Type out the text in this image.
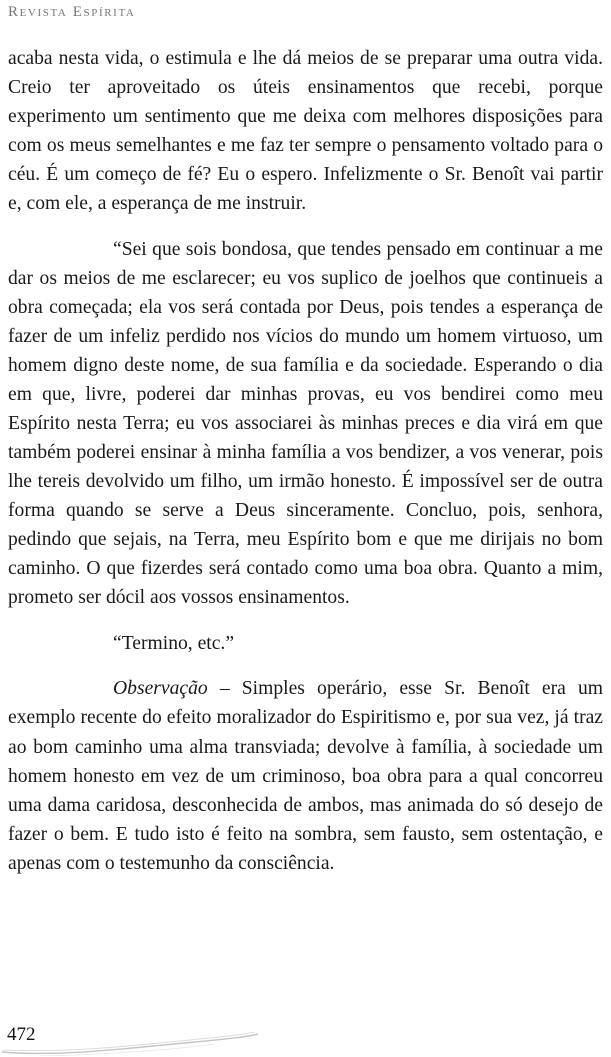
Revista Espírita

acaba nesta vida, o estimula e lhe dá meios de se preparar uma outra vida. Creio ter aproveitado os úteis ensinamentos que recebi, porque experimento um sentimento que me deixa com melhores disposições para com os meus semelhantes e me faz ter sempre o pensamento voltado para o céu. É um começo de fé? Eu o espero. Infelizmente o Sr. Benoît vai partir e, com ele, a esperança de me instruir.

“Sei que sois bondosa, que tendes pensado em continuar a me dar os meios de me esclarecer; eu vos suplico de joelhos que continueis a obra começada; ela vos será contada por Deus, pois tendes a esperança de fazer de um infeliz perdido nos vícios do mundo um homem virtuoso, um homem digno deste nome, de sua família e da sociedade. Esperando o dia em que, livre, poderei dar minhas provas, eu vos bendirei como meu Espírito nesta Terra; eu vos associarei às minhas preces e dia virá em que também poderei ensinar à minha família a vos bendizer, a vos venerar, pois lhe tereis devolvido um filho, um irmão honesto. É impossível ser de outra forma quando se serve a Deus sinceramente. Concluo, pois, senhora, pedindo que sejais, na Terra, meu Espírito bom e que me dirijais no bom caminho. O que fizerdes será contado como uma boa obra. Quanto a mim, prometo ser dócil aos vossos ensinamentos.

“Termino, etc.”

Observação – Simples operário, esse Sr. Benoît era um exemplo recente do efeito moralizador do Espiritismo e, por sua vez, já traz ao bom caminho uma alma transviada; devolve à família, à sociedade um homem honesto em vez de um criminoso, boa obra para a qual concorreu uma dama caridosa, desconhecida de ambos, mas animada do só desejo de fazer o bem. E tudo isto é feito na sombra, sem fausto, sem ostentação, e apenas com o testemunho da consciência.

472
